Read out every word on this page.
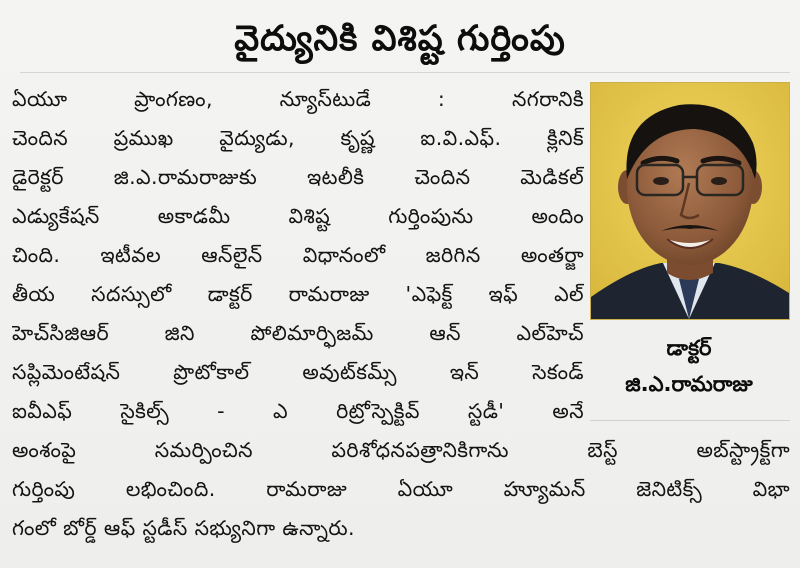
వైద్యునికి విశిష్ట గుర్తింపు
ఏయూ ప్రాంగణం, న్యూస్‌టుడే : నగరానికి
చెందిన ప్రముఖ వైద్యుడు, కృష్ణ ఐ.వి.ఎఫ్. క్లినిక్
డైరెక్టర్ జి.ఎ.రామరాజుకు ఇటలీకి చెందిన మెడికల్
ఎడ్యుకేషన్ అకాడమీ విశిష్ట గుర్తింపును అందిం
చింది. ఇటీవల ఆన్‌లైన్ విధానంలో జరిగిన అంతర్జా
తీయ సదస్సులో డాక్టర్ రామరాజు 'ఎఫెక్ట్ ఇఫ్ ఎల్
హెచ్‌సిజిఆర్ జిని పోలిమార్ఫిజమ్ ఆన్ ఎల్‌హెచ్
సప్లిమెంటేషన్ ప్రొటోకాల్ అవుట్‌కమ్స్ ఇన్ సెకండ్
ఐవీఎఫ్ సైకిల్స్ - ఎ రిట్రోస్పెక్టివ్ స్టడీ' అనే
అంశంపై సమర్పించిన పరిశోధనపత్రానికిగాను బెస్ట్ అబ్‌స్ట్రాక్ట్‌గా
గుర్తింపు లభించింది. రామరాజు ఏయూ హ్యూమన్ జెనిటిక్స్ విభా
గంలో బోర్డ్ ఆఫ్ స్టడీస్ సభ్యునిగా ఉన్నారు.
డాక్టర్
జి.ఎ.రామరాజు
